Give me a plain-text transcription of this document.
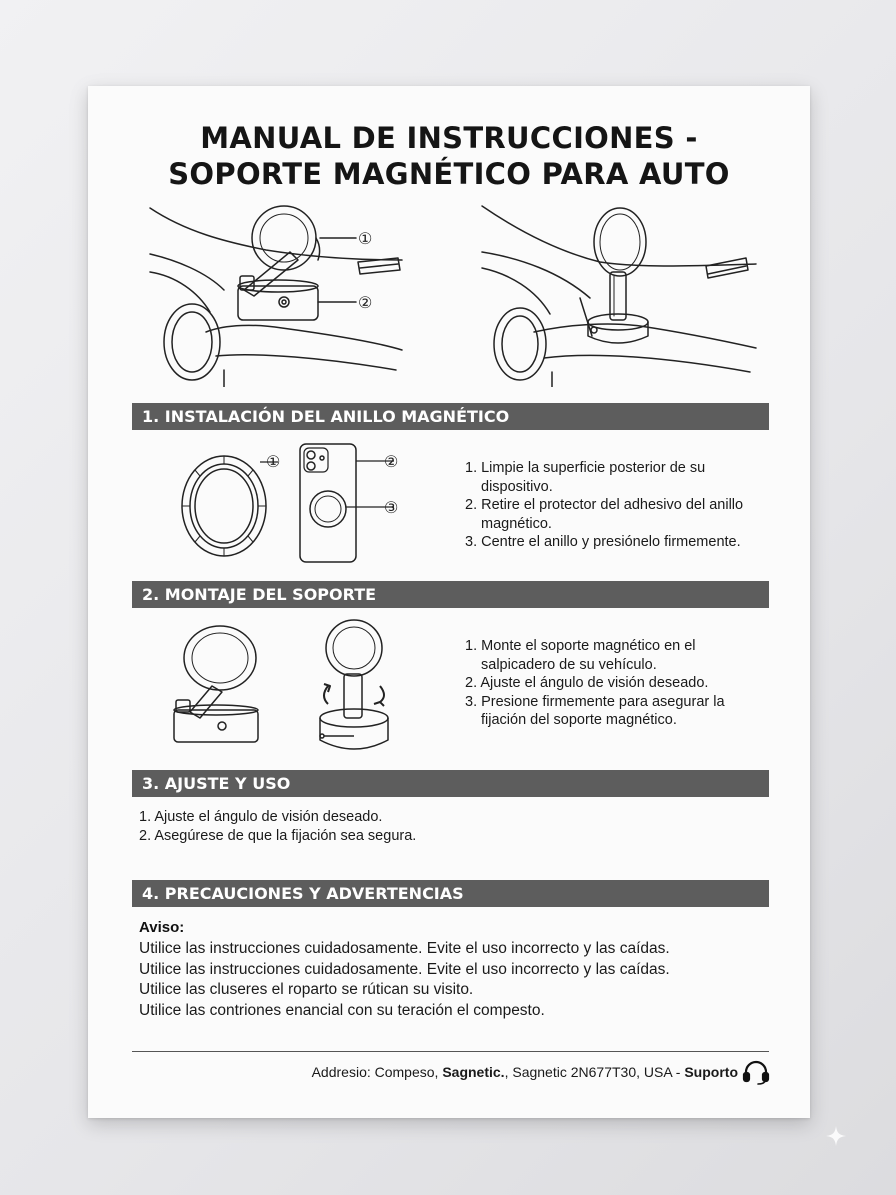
MANUAL DE INSTRUCCIONES -
SOPORTE MAGNÉTICO PARA AUTO
①
②
1. INSTALACIÓN DEL ANILLO MAGNÉTICO
①	②
③
1. Limpie la superficie posterior de su dispositivo.
2. Retire el protector del adhesivo del anillo magnético.
3. Centre el anillo y presiónelo firmemente.
2. MONTAJE DEL SOPORTE
1. Monte el soporte magnético en el salpicadero de su vehículo.
2. Ajuste el ángulo de visión deseado.
3. Presione firmemente para asegurar la fijación del soporte magnético.
3. AJUSTE Y USO
1. Ajuste el ángulo de visión deseado.
2. Asegúrese de que la fijación sea segura.
4. PRECAUCIONES Y ADVERTENCIAS
Aviso:
Utilice las instrucciones cuidadosamente. Evite el uso incorrecto y las caídas.
Utilice las instrucciones cuidadosamente. Evite el uso incorrecto y las caídas.
Utilice las cluseres el roparto se rútican su visito.
Utilice las contriones enancial con su teración el compesto.
Addresio: Compeso, Sagnetic., Sagnetic 2N677T30, USA - Suporto
